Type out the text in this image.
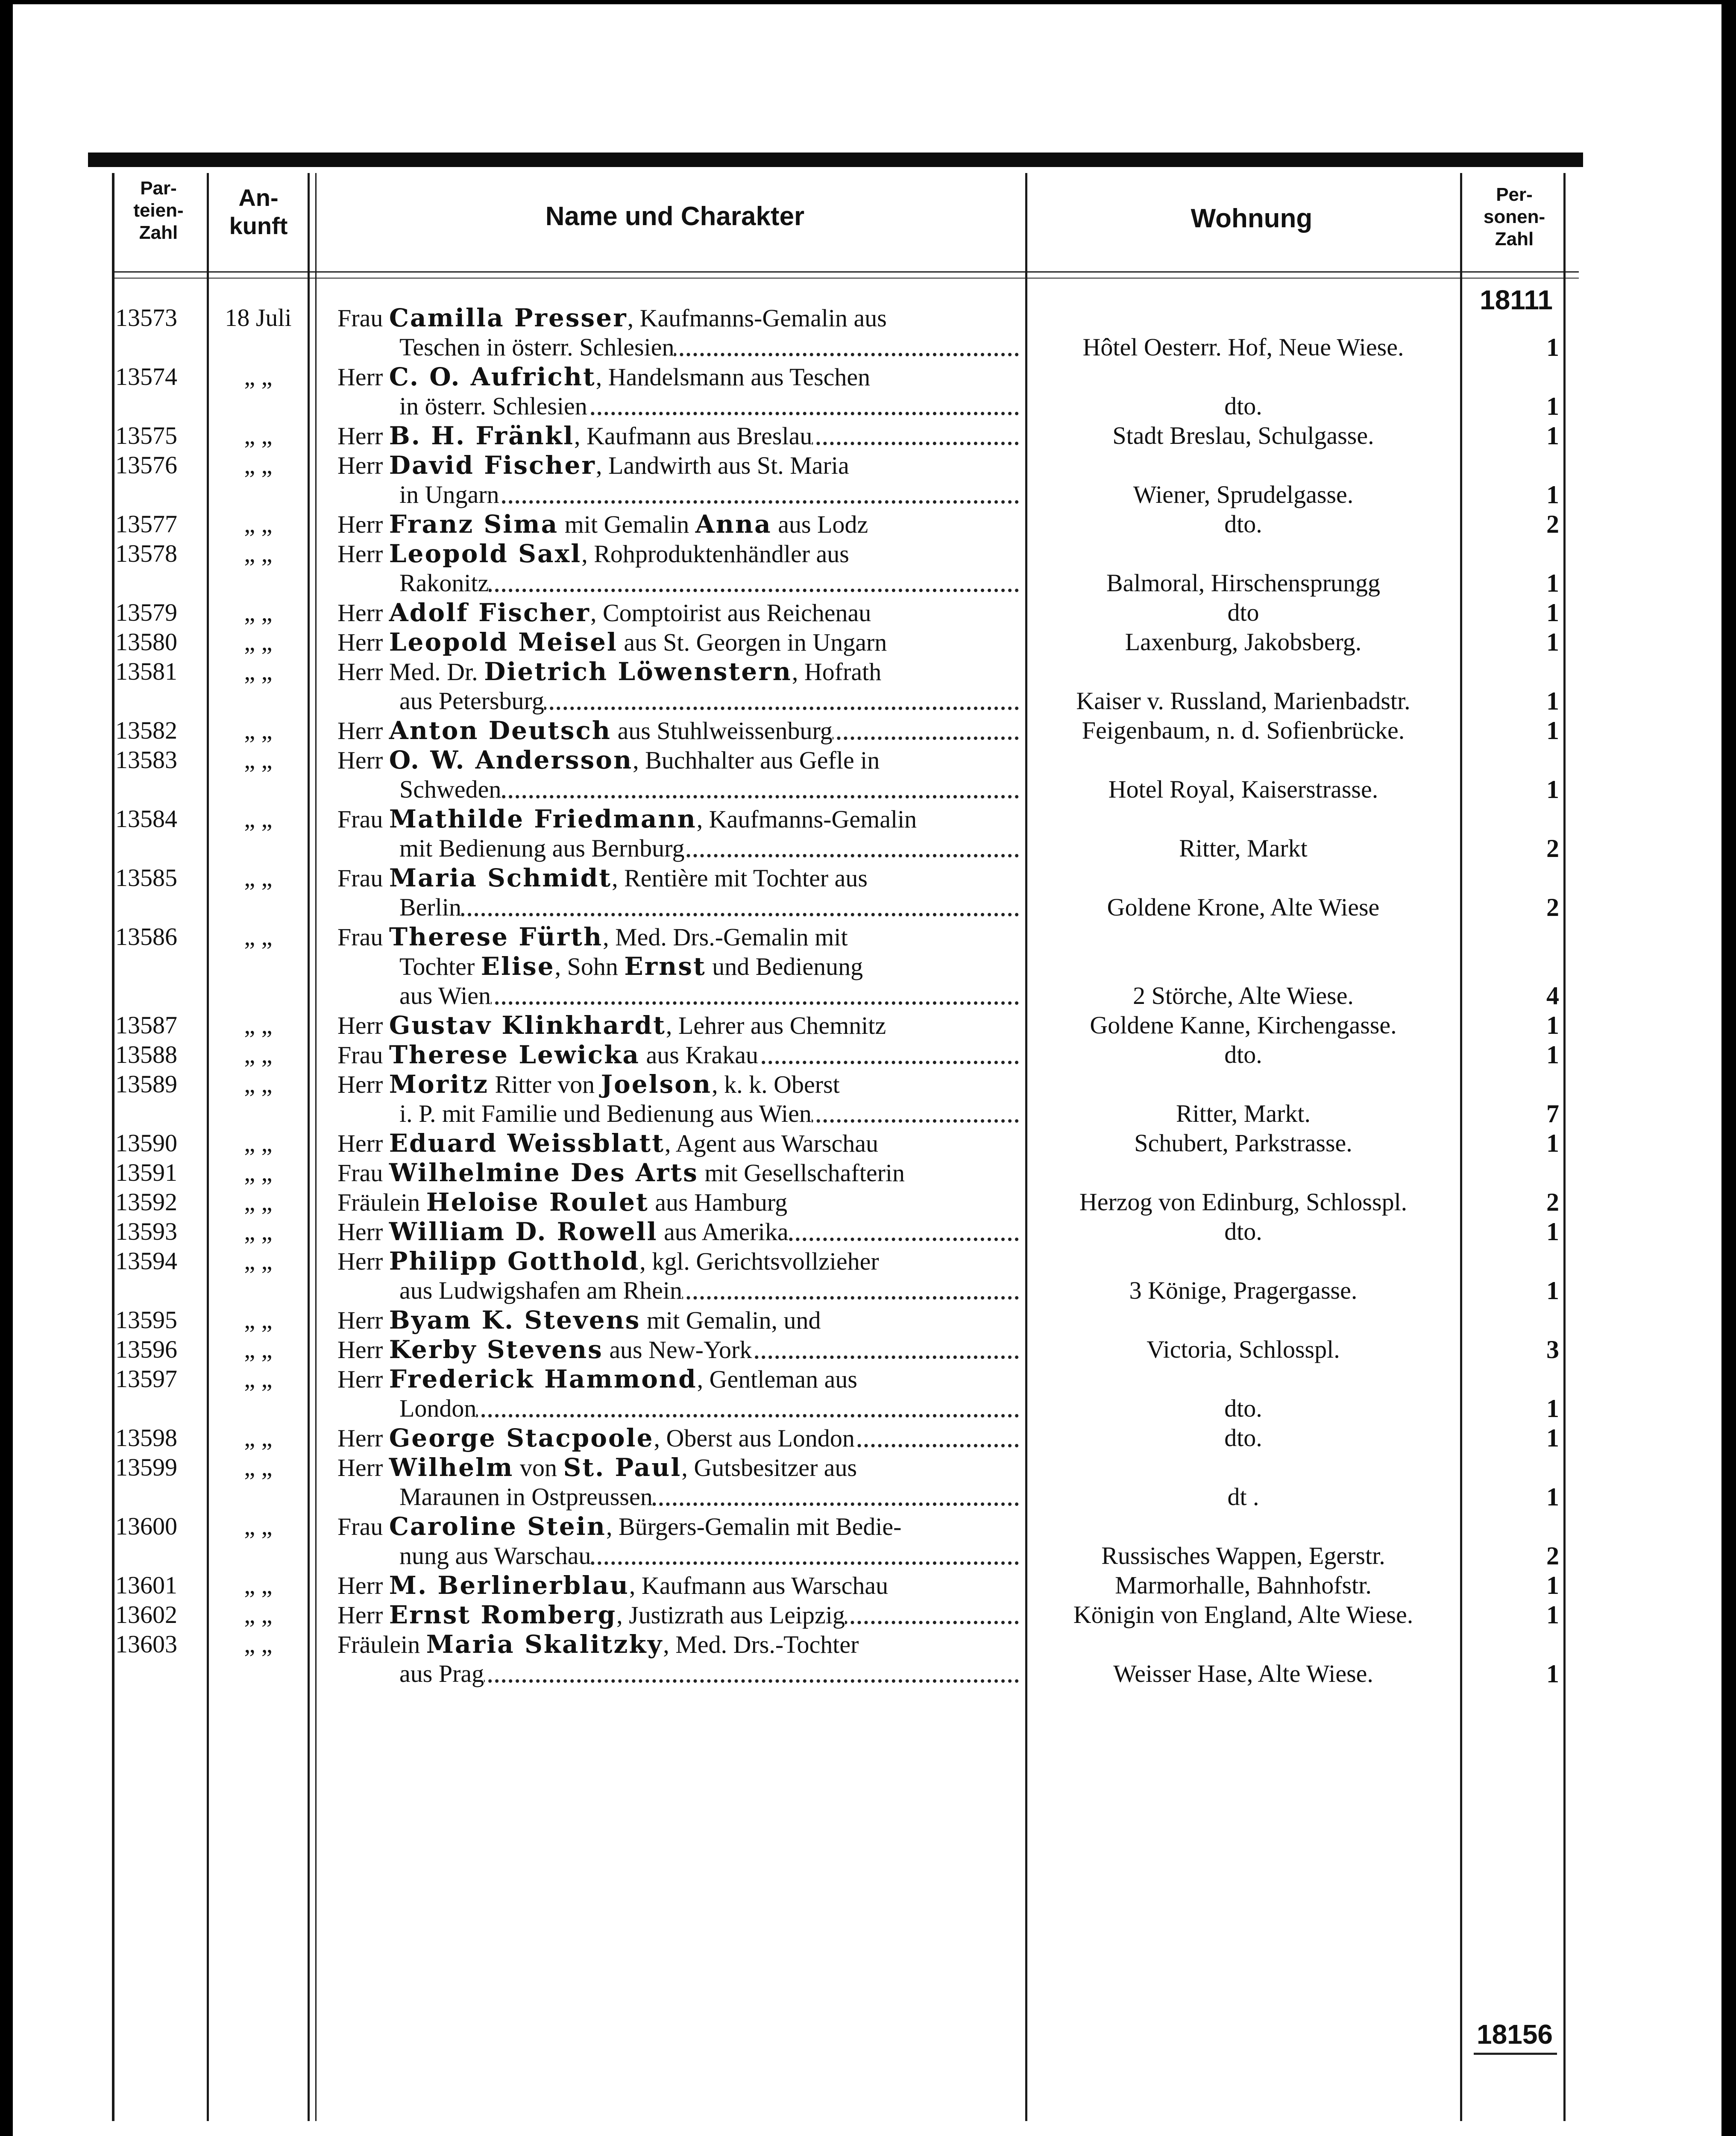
Par-
teien-
Zahl
An-
kunft	Name und Charakter	Wohnung
Per-
sonen-
Zahl
18111
18156
13573	18 Juli	Frau Camilla Presser, Kaufmanns-Gemalin aus
Teschen in österr. Schlesien	Hôtel Oesterr. Hof, Neue Wiese.	1
13574	„ „	Herr C. O. Aufricht, Handelsmann aus Teschen
in österr. Schlesien	dto.	1
13575	„ „	Herr B. H. Fränkl, Kaufmann aus Breslau	Stadt Breslau, Schulgasse.	1
13576	„ „	Herr David Fischer, Landwirth aus St. Maria
in Ungarn	Wiener, Sprudelgasse.	1
13577	„ „	Herr Franz Sima mit Gemalin Anna aus Lodz	dto.	2
13578	„ „	Herr Leopold Saxl, Rohproduktenhändler aus
Rakonitz	Balmoral, Hirschensprungg	1
13579	„ „	Herr Adolf Fischer, Comptoirist aus Reichenau	dto	1
13580	„ „	Herr Leopold Meisel aus St. Georgen in Ungarn	Laxenburg, Jakobsberg.	1
13581	„ „	Herr Med. Dr. Dietrich Löwenstern, Hofrath
aus Petersburg	Kaiser v. Russland, Marienbadstr.	1
13582	„ „	Herr Anton Deutsch aus Stuhlweissenburg	Feigenbaum, n. d. Sofienbrücke.	1
13583	„ „	Herr O. W. Andersson, Buchhalter aus Gefle in
Schweden	Hotel Royal, Kaiserstrasse.	1
13584	„ „	Frau Mathilde Friedmann, Kaufmanns-Gemalin
mit Bedienung aus Bernburg	Ritter, Markt	2
13585	„ „	Frau Maria Schmidt, Rentière mit Tochter aus
Berlin	Goldene Krone, Alte Wiese	2
13586	„ „	Frau Therese Fürth, Med. Drs.-Gemalin mit
Tochter Elise, Sohn Ernst und Bedienung
aus Wien	2 Störche, Alte Wiese.	4
13587	„ „	Herr Gustav Klinkhardt, Lehrer aus Chemnitz	Goldene Kanne, Kirchengasse.	1
13588	„ „	Frau Therese Lewicka aus Krakau	dto.	1
13589	„ „	Herr Moritz Ritter von Joelson, k. k. Oberst
i. P. mit Familie und Bedienung aus Wien	Ritter, Markt.	7
13590	„ „	Herr Eduard Weissblatt, Agent aus Warschau	Schubert, Parkstrasse.	1
13591	„ „	Frau Wilhelmine Des Arts mit Gesellschafterin
13592	„ „	Fräulein Heloise Roulet aus Hamburg	Herzog von Edinburg, Schlosspl.	2
13593	„ „	Herr William D. Rowell aus Amerika	dto.	1
13594	„ „	Herr Philipp Gotthold, kgl. Gerichtsvollzieher
aus Ludwigshafen am Rhein	3 Könige, Pragergasse.	1
13595	„ „	Herr Byam K. Stevens mit Gemalin, und
13596	„ „	Herr Kerby Stevens aus New-York	Victoria, Schlosspl.	3
13597	„ „	Herr Frederick Hammond, Gentleman aus
London	dto.	1
13598	„ „	Herr George Stacpoole, Oberst aus London	dto.	1
13599	„ „	Herr Wilhelm von St. Paul, Gutsbesitzer aus
Maraunen in Ostpreussen	dt .	1
13600	„ „	Frau Caroline Stein, Bürgers-Gemalin mit Bedie-
nung aus Warschau	Russisches Wappen, Egerstr.	2
13601	„ „	Herr M. Berlinerblau, Kaufmann aus Warschau	Marmorhalle, Bahnhofstr.	1
13602	„ „	Herr Ernst Romberg, Justizrath aus Leipzig	Königin von England, Alte Wiese.	1
13603	„ „	Fräulein Maria Skalitzky, Med. Drs.-Tochter
aus Prag	Weisser Hase, Alte Wiese.	1
